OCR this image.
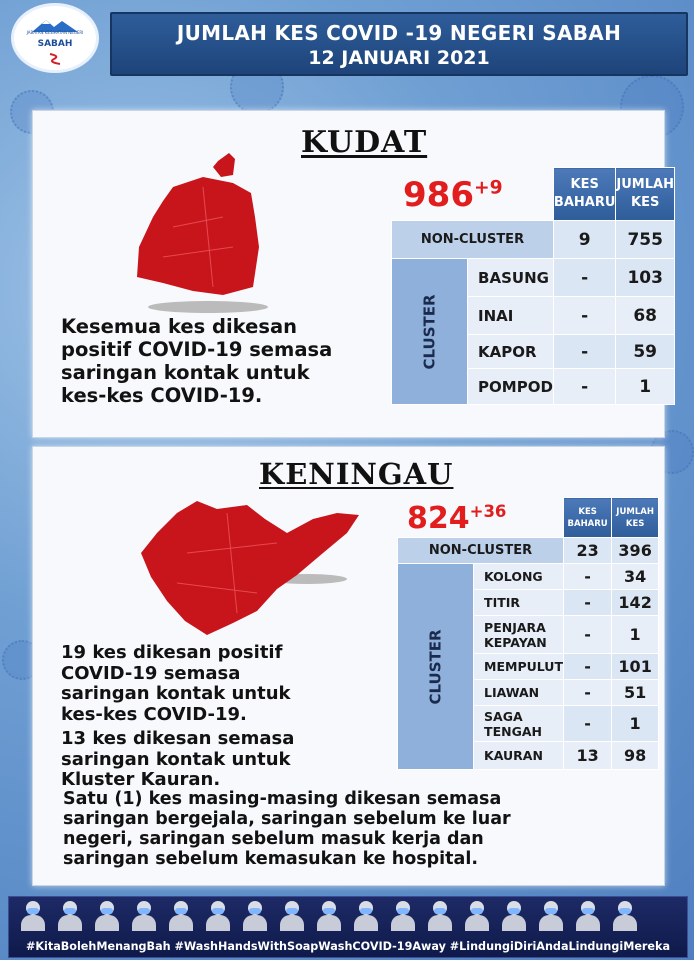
JABATAN KESIHATAN NEGERI
SABAH	JUMLAH KES COVID -19 NEGERI SABAH
12 JANUARI 2021
KUDAT
$986^{+9}$
Kesemua kes dikesan
positif COVID-19 semasa
saringan kontak untuk
kes-kes COVID-19.
		KES BAHARU	JUMLAH KES
NON-CLUSTER		9	755
CLUSTER	BASUNG	-	103
	INAI	-	68
	KAPOR	-	59
	POMPOD	-	1
KENINGAU
$824^{+36}$
19 kes dikesan positif
COVID-19 semasa
saringan kontak untuk
kes-kes COVID-19.
13 kes dikesan semasa
saringan kontak untuk
Kluster Kauran.
Satu (1) kes masing-masing dikesan semasa
saringan bergejala, saringan sebelum ke luar
negeri, saringan sebelum masuk kerja dan
saringan sebelum kemasukan ke hospital.
		KES BAHARU	JUMLAH KES
NON-CLUSTER		23	396
CLUSTER	KOLONG	-	34
	TITIR	-	142
	PENJARA KEPAYAN	-	1
	MEMPULUT	-	101
	LIAWAN	-	51
	SAGA TENGAH	-	1
	KAURAN	13	98
#KitaBolehMenangBah #WashHandsWithSoapWashCOVID-19Away #LindungiDiriAndaLindungiMereka
